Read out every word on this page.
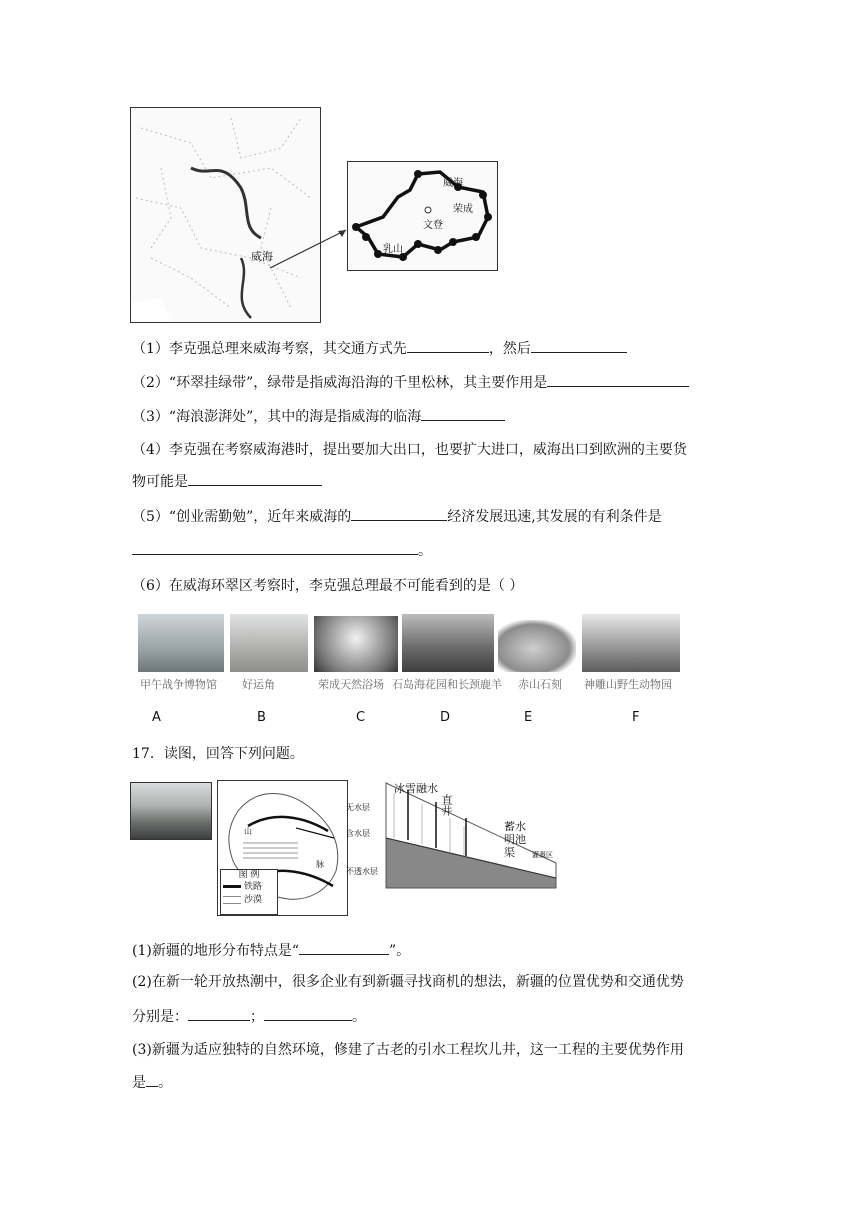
威海
威海
荣成
文登
乳山
（1）李克强总理来威海考察，其交通方式先	，然后
（2）“环翠挂绿带”，绿带是指威海沿海的千里松林，其主要作用是
（3）“海浪澎湃处”，其中的海是指威海的临海
（4）李克强在考察威海港时，提出要加大出口，也要扩大进口，威海出口到欧洲的主要货
物可能是
（5）“创业需勤勉”，近年来威海的	经济发展迅速,其发展的有利条件是
。
（6）在威海环翠区考察时，李克强总理最不可能看到的是（ ）
甲午战争博物馆 好运角	荣成天然浴场 石岛海花园和长颈鹿羊 赤山石刻 神雕山野生动物园
A	B	C	D	E	F
17．读图，回答下列问题。
山
脉
图 例
铁路
沙漠
冰雪融水
直井
无水层
含水层
不透水层
蓄水明池渠	灌溉区
(1)新疆的地形分布特点是“	”。
(2)在新一轮开放热潮中，很多企业有到新疆寻找商机的想法，新疆的位置优势和交通优势
分别是：	；	。
(3)新疆为适应独特的自然环境，修建了古老的引水工程坎儿井，这一工程的主要优势作用
是 。
